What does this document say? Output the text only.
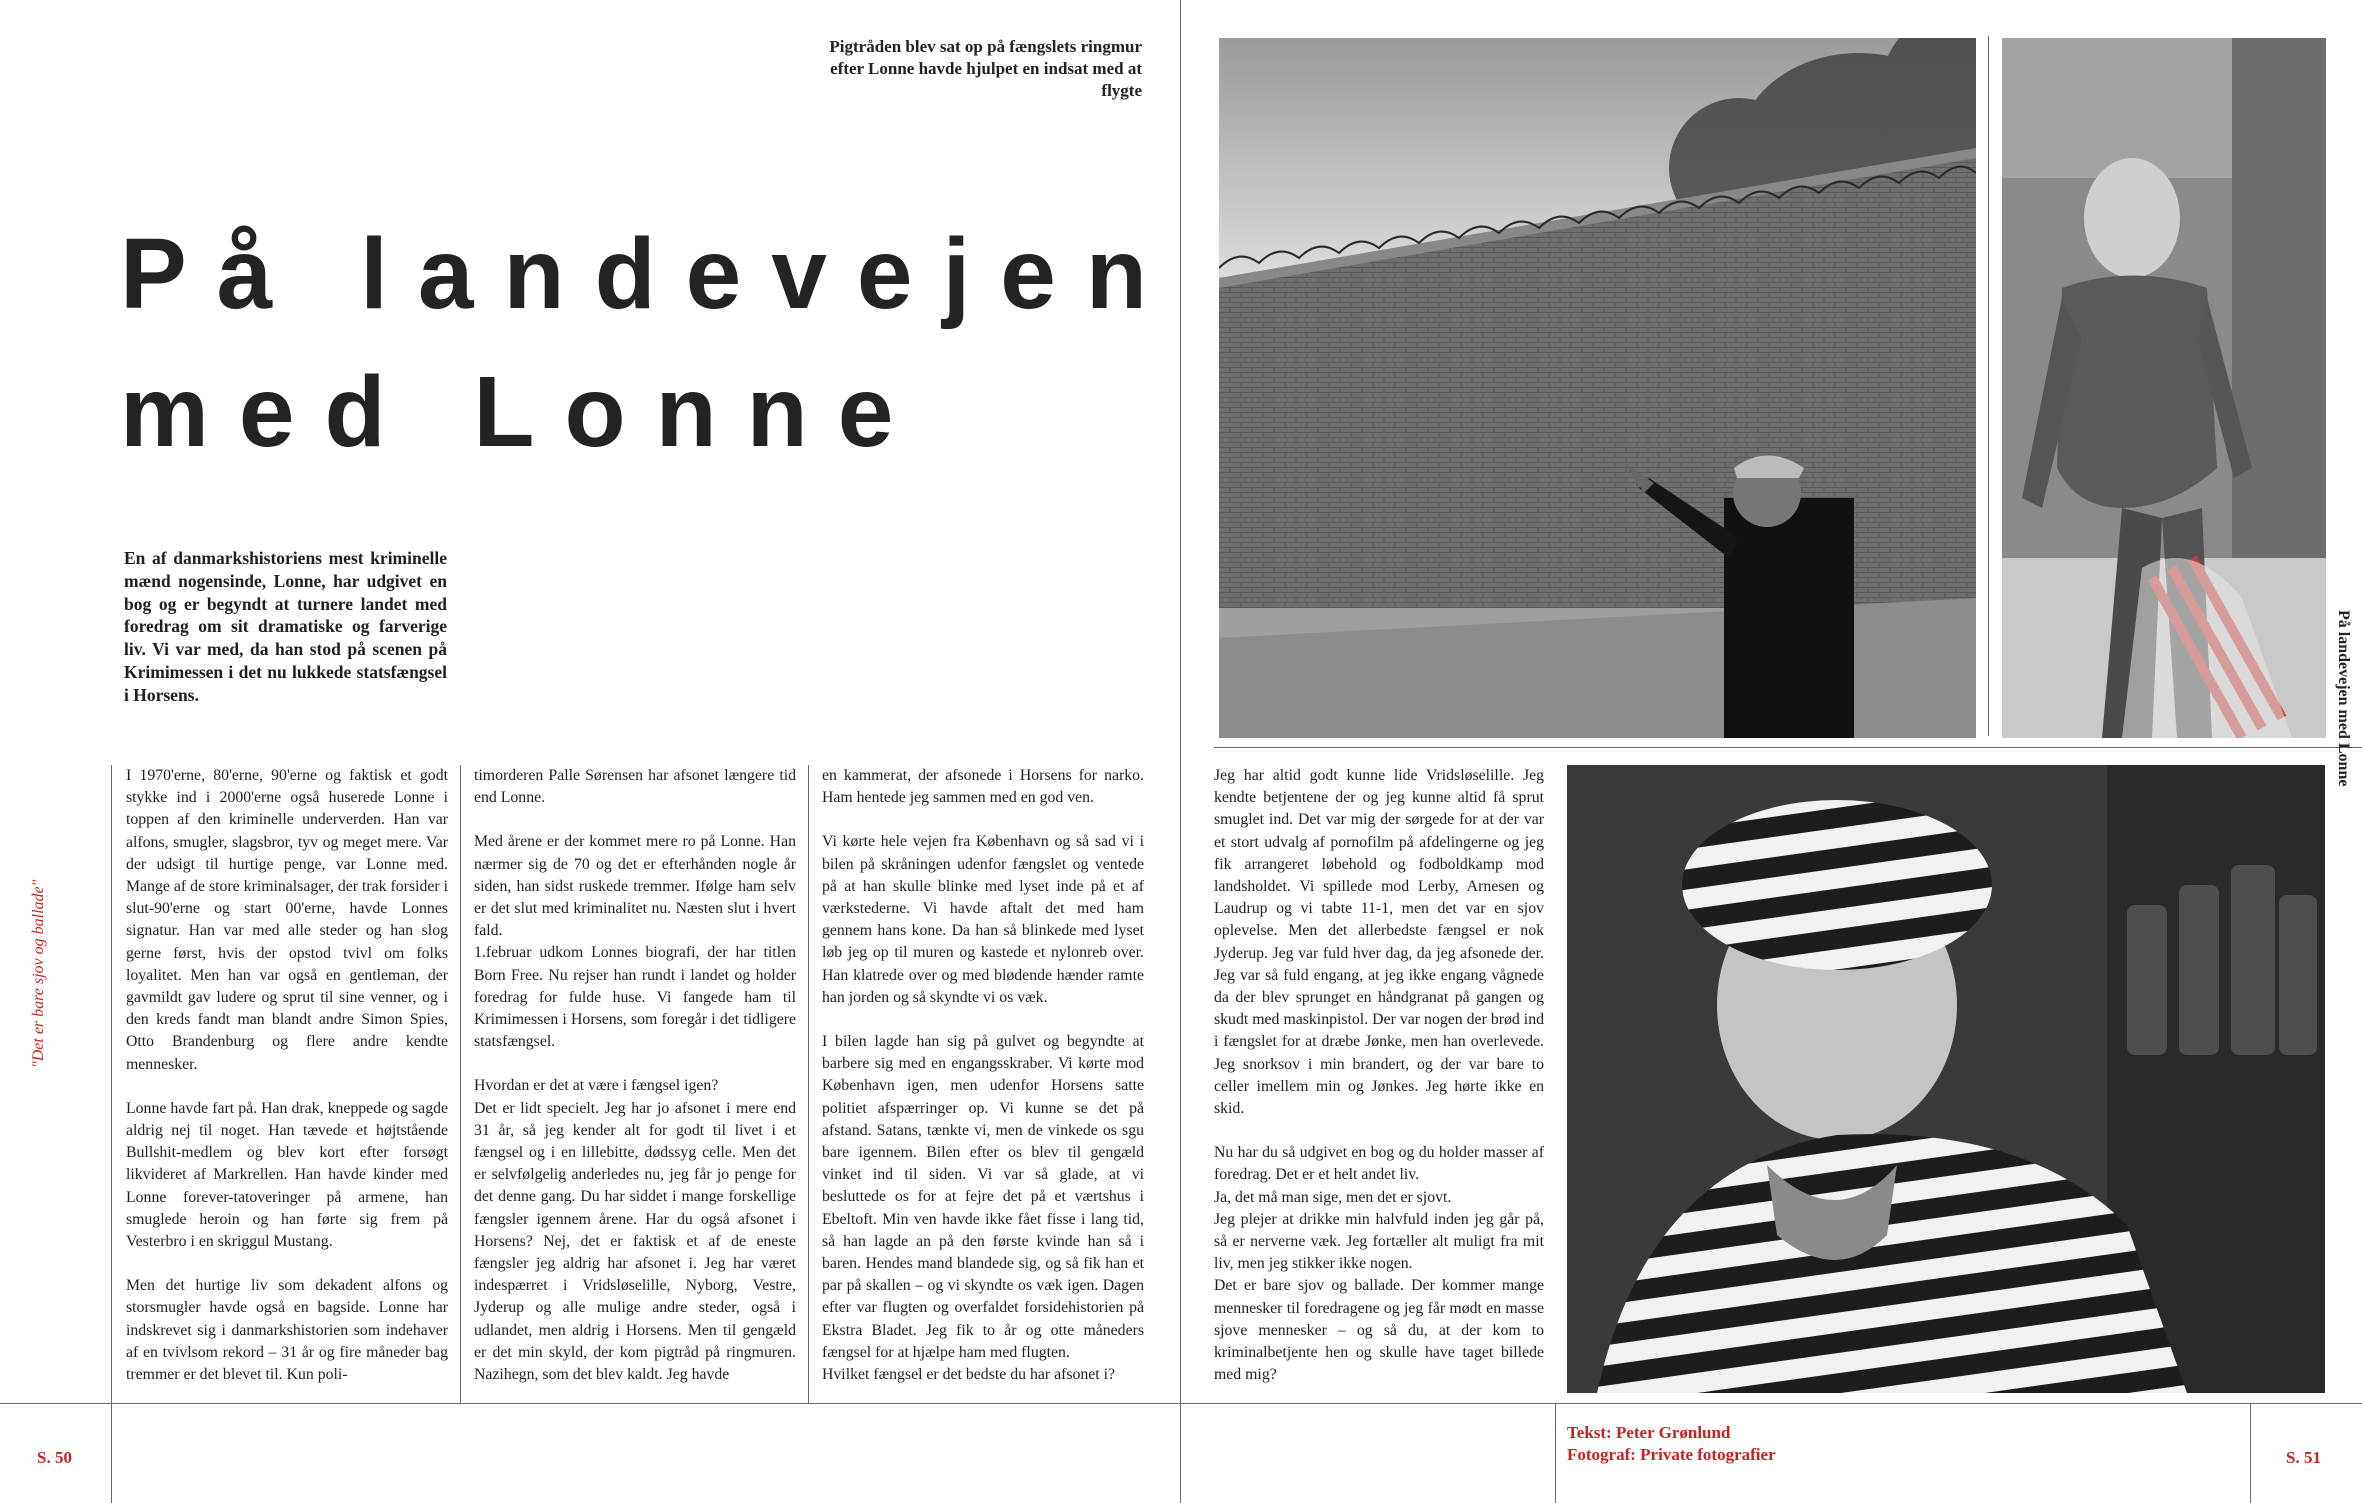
Pigtråden blev sat op på fængslets ringmur efter Lonne havde hjulpet en indsat med at flygte
På landevejen
med Lonne
En af danmarkshistoriens mest kriminelle mænd nogensinde, Lonne, har udgivet en bog og er begyndt at turnere landet med foredrag om sit dramatiske og farverige liv. Vi var med, da han stod på scenen på Krimimessen i det nu lukkede statsfængsel i Horsens.

I 1970'erne, 80'erne, 90'erne og faktisk et godt stykke ind i 2000'erne også huserede Lonne i toppen af den kriminelle underverden. Han var alfons, smugler, slagsbror, tyv og meget mere. Var der udsigt til hurtige penge, var Lonne med. Mange af de store kriminalsager, der trak forsider i slut-90'erne og start 00'erne, havde Lonnes signatur. Han var med alle steder og han slog gerne først, hvis der opstod tvivl om folks loyalitet. Men han var også en gentleman, der gavmildt gav ludere og sprut til sine venner, og i den kreds fandt man blandt andre Simon Spies, Otto Brandenburg og flere andre kendte mennesker.

Lonne havde fart på. Han drak, kneppede og sagde aldrig nej til noget. Han tævede et højtstående Bullshit-medlem og blev kort efter forsøgt likvideret af Markrellen. Han havde kinder med Lonne forever-tatoveringer på armene, han smuglede heroin og han førte sig frem på Vesterbro i en skriggul Mustang.

Men det hurtige liv som dekadent alfons og storsmugler havde også en bagside. Lonne har indskrevet sig i danmarkshistorien som indehaver af en tvivlsom rekord – 31 år og fire måneder bag tremmer er det blevet til. Kun poli-

timorderen Palle Sørensen har afsonet længere tid end Lonne.

Med årene er der kommet mere ro på Lonne. Han nærmer sig de 70 og det er efterhånden nogle år siden, han sidst ruskede tremmer. Ifølge ham selv er det slut med kriminalitet nu. Næsten slut i hvert fald.
1.februar udkom Lonnes biografi, der har titlen Born Free. Nu rejser han rundt i landet og holder foredrag for fulde huse. Vi fangede ham til Krimimessen i Horsens, som foregår i det tidligere statsfængsel.

Hvordan er det at være i fængsel igen?
Det er lidt specielt. Jeg har jo afsonet i mere end 31 år, så jeg kender alt for godt til livet i et fængsel og i en lillebitte, dødssyg celle. Men det er selvfølgelig anderledes nu, jeg får jo penge for det denne gang. Du har siddet i mange forskellige fængsler igennem årene. Har du også afsonet i Horsens? Nej, det er faktisk et af de eneste fængsler jeg aldrig har afsonet i. Jeg har været indespærret i Vridsløselille, Nyborg, Vestre, Jyderup og alle mulige andre steder, også i udlandet, men aldrig i Horsens. Men til gengæld er det min skyld, der kom pigtråd på ringmuren. Nazihegn, som det blev kaldt. Jeg havde

en kammerat, der afsonede i Horsens for narko. Ham hentede jeg sammen med en god ven.

Vi kørte hele vejen fra København og så sad vi i bilen på skråningen udenfor fængslet og ventede på at han skulle blinke med lyset inde på et af værkstederne. Vi havde aftalt det med ham gennem hans kone. Da han så blinkede med lyset løb jeg op til muren og kastede et nylonreb over. Han klatrede over og med blødende hænder ramte han jorden og så skyndte vi os væk.

I bilen lagde han sig på gulvet og begyndte at barbere sig med en engangsskraber. Vi kørte mod København igen, men udenfor Horsens satte politiet afspærringer op. Vi kunne se det på afstand. Satans, tænkte vi, men de vinkede os sgu bare igennem. Bilen efter os blev til gengæld vinket ind til siden. Vi var så glade, at vi besluttede os for at fejre det på et værtshus i Ebeltoft. Min ven havde ikke fået fisse i lang tid, så han lagde an på den første kvinde han så i baren. Hendes mand blandede sig, og så fik han et par på skallen – og vi skyndte os væk igen. Dagen efter var flugten og overfaldet forsidehistorien på Ekstra Bladet. Jeg fik to år og otte måneders fængsel for at hjælpe ham med flugten.
Hvilket fængsel er det bedste du har afsonet i?

Jeg har altid godt kunne lide Vridsløselille. Jeg kendte betjentene der og jeg kunne altid få sprut smuglet ind. Det var mig der sørgede for at der var et stort udvalg af pornofilm på afdelingerne og jeg fik arrangeret løbehold og fodboldkamp mod landsholdet. Vi spillede mod Lerby, Arnesen og Laudrup og vi tabte 11-1, men det var en sjov oplevelse. Men det allerbedste fængsel er nok Jyderup. Jeg var fuld hver dag, da jeg afsonede der. Jeg var så fuld engang, at jeg ikke engang vågnede da der blev sprunget en håndgranat på gangen og skudt med maskinpistol. Der var nogen der brød ind i fængslet for at dræbe Jønke, men han overlevede. Jeg snorksov i min brandert, og der var bare to celler imellem min og Jønkes. Jeg hørte ikke en skid.

Nu har du så udgivet en bog og du holder masser af foredrag. Det er et helt andet liv.
Ja, det må man sige, men det er sjovt.
Jeg plejer at drikke min halvfuld inden jeg går på, så er nerverne væk. Jeg fortæller alt muligt fra mit liv, men jeg stikker ikke nogen.
Det er bare sjov og ballade. Der kommer mange mennesker til foredragene og jeg får mødt en masse sjove mennesker – og så du, at der kom to kriminalbetjente hen og skulle have taget billede med mig?

"Det er bare sjov og ballade"
På landevejen med Lonne
S. 50	S. 51
Tekst: Peter Grønlund
Fotograf: Private fotografier
